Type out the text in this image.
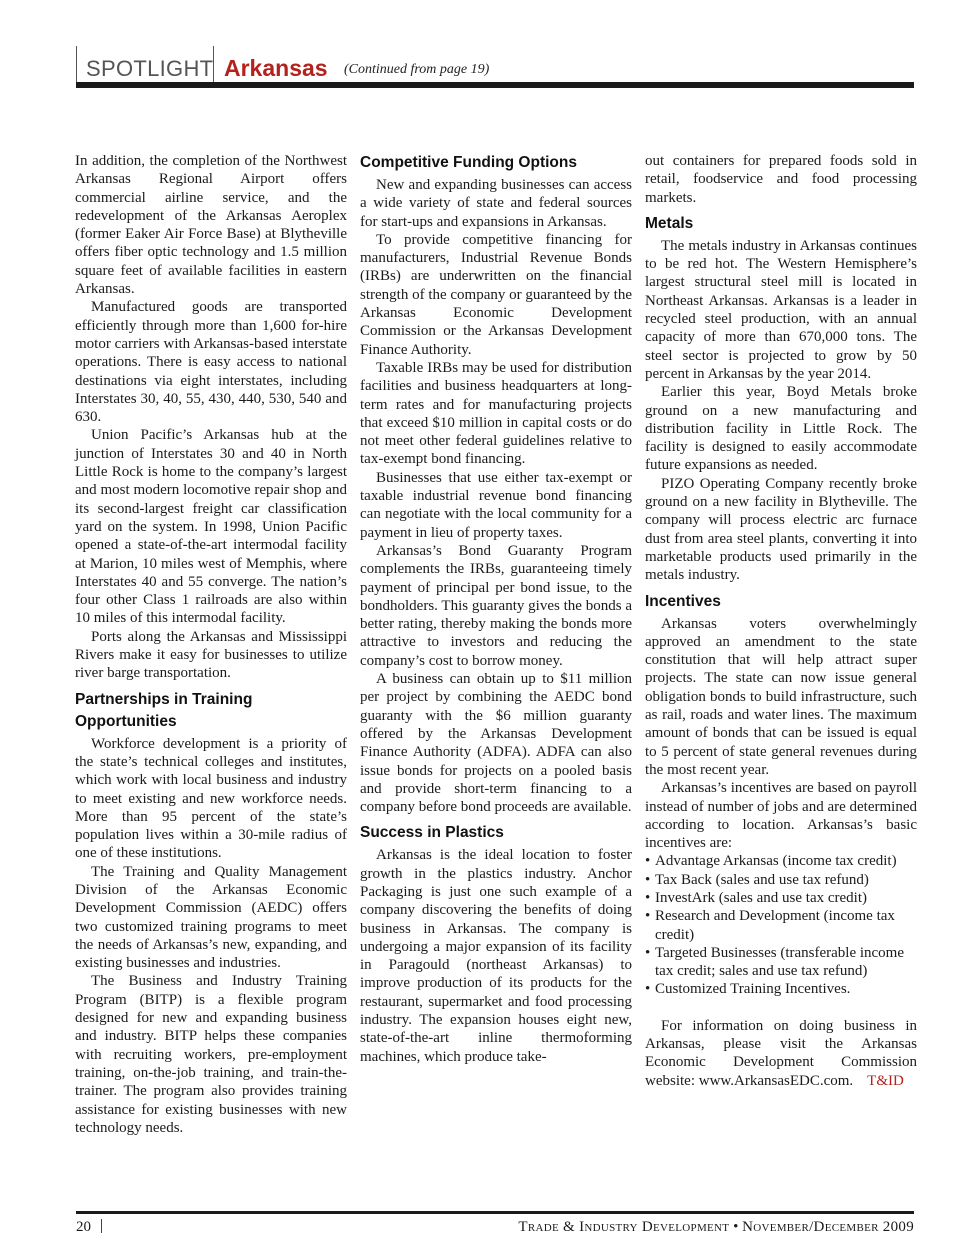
SPOTLIGHT Arkansas (Continued from page 19)

In addition, the completion of the Northwest Arkansas Regional Airport offers commercial airline service, and the redevelopment of the Arkansas Aeroplex (former Eaker Air Force Base) at Blytheville offers fiber optic technology and 1.5 million square feet of available facilities in eastern Arkansas.

Manufactured goods are transported efficiently through more than 1,600 for-hire motor carriers with Arkansas-based interstate operations. There is easy access to national destinations via eight interstates, including Interstates 30, 40, 55, 430, 440, 530, 540 and 630.

Union Pacific’s Arkansas hub at the junction of Interstates 30 and 40 in North Little Rock is home to the company’s largest and most modern locomotive repair shop and its second-largest freight car classification yard on the system. In 1998, Union Pacific opened a state-of-the-art intermodal facility at Marion, 10 miles west of Memphis, where Interstates 40 and 55 converge. The nation’s four other Class 1 railroads are also within 10 miles of this intermodal facility.

Ports along the Arkansas and Mississippi Rivers make it easy for businesses to utilize river barge transportation.

Partnerships in Training Opportunities

Workforce development is a priority of the state’s technical colleges and institutes, which work with local business and industry to meet existing and new workforce needs. More than 95 percent of the state’s population lives within a 30-mile radius of one of these institutions.

The Training and Quality Management Division of the Arkansas Economic Development Commission (AEDC) offers two customized training programs to meet the needs of Arkansas’s new, expanding, and existing businesses and industries.

The Business and Industry Training Program (BITP) is a flexible program designed for new and expanding business and industry. BITP helps these companies with recruiting workers, pre-employment training, on-the-job training, and train-the-trainer. The program also provides training assistance for existing businesses with new technology needs.

Competitive Funding Options

New and expanding businesses can access a wide variety of state and federal sources for start-ups and expansions in Arkansas.

To provide competitive financing for manufacturers, Industrial Revenue Bonds (IRBs) are underwritten on the financial strength of the company or guaranteed by the Arkansas Economic Development Commission or the Arkansas Development Finance Authority.

Taxable IRBs may be used for distribution facilities and business headquarters at long-term rates and for manufacturing projects that exceed $10 million in capital costs or do not meet other federal guidelines relative to tax-exempt bond financing.

Businesses that use either tax-exempt or taxable industrial revenue bond financing can negotiate with the local community for a payment in lieu of property taxes.

Arkansas’s Bond Guaranty Program complements the IRBs, guaranteeing timely payment of principal per bond issue, to the bondholders. This guaranty gives the bonds a better rating, thereby making the bonds more attractive to investors and reducing the company’s cost to borrow money.

A business can obtain up to $11 million per project by combining the AEDC bond guaranty with the $6 million guaranty offered by the Arkansas Development Finance Authority (ADFA). ADFA can also issue bonds for projects on a pooled basis and provide short-term financing to a company before bond proceeds are available.

Success in Plastics

Arkansas is the ideal location to foster growth in the plastics industry. Anchor Packaging is just one such example of a company discovering the benefits of doing business in Arkansas. The company is undergoing a major expansion of its facility in Paragould (northeast Arkansas) to improve production of its products for the restaurant, supermarket and food processing industry. The expansion houses eight new, state-of-the-art inline thermoforming machines, which produce take-

out containers for prepared foods sold in retail, foodservice and food processing markets.

Metals

The metals industry in Arkansas continues to be red hot. The Western Hemisphere’s largest structural steel mill is located in Northeast Arkansas. Arkansas is a leader in recycled steel production, with an annual capacity of more than 670,000 tons. The steel sector is projected to grow by 50 percent in Arkansas by the year 2014.

Earlier this year, Boyd Metals broke ground on a new manufacturing and distribution facility in Little Rock. The facility is designed to easily accommodate future expansions as needed.

PIZO Operating Company recently broke ground on a new facility in Blytheville. The company will process electric arc furnace dust from area steel plants, converting it into marketable products used primarily in the metals industry.

Incentives

Arkansas voters overwhelmingly approved an amendment to the state constitution that will help attract super projects. The state can now issue general obligation bonds to build infrastructure, such as rail, roads and water lines. The maximum amount of bonds that can be issued is equal to 5 percent of state general revenues during the most recent year.

Arkansas’s incentives are based on payroll instead of number of jobs and are determined according to location. Arkansas’s basic incentives are:

• Advantage Arkansas (income tax credit)
• Tax Back (sales and use tax refund)
• InvestArk (sales and use tax credit)
• Research and Development (income tax credit)
• Targeted Businesses (transferable income tax credit; sales and use tax refund)
• Customized Training Incentives.

For information on doing business in Arkansas, please visit the Arkansas Economic Development Commission website: www.ArkansasEDC.com. T&ID

20	Trade & Industry Development • November/December 2009
